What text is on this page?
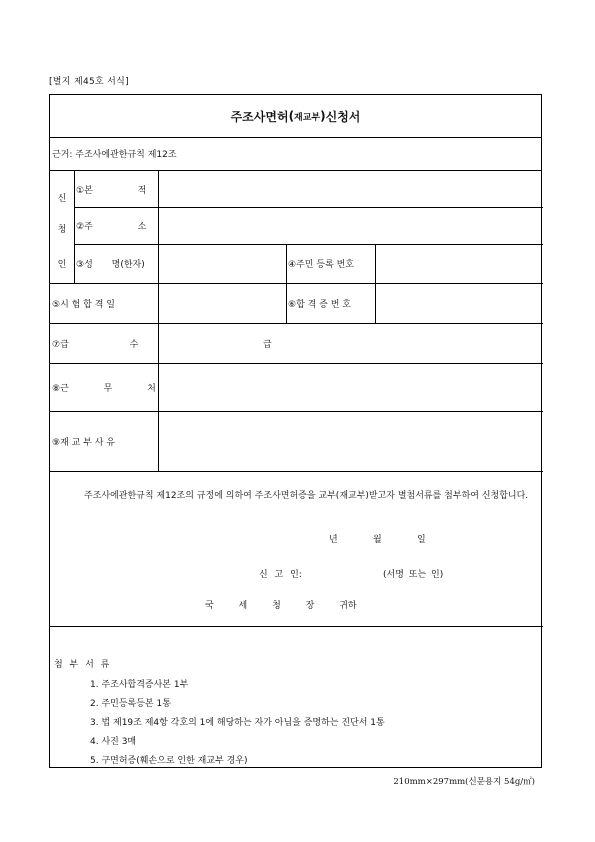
[별지 제45호 서식]
주조사면허 ( 재교부 ) 신청서
근거: 주조사에관한규칙 제12조
신
청
인
①본 적
②주 소
③성 명(한자)	④주민 등록 번호
⑤시 험 합 격 일	⑥합 격 증 번 호
⑦급 수	급
⑧근 무 처
⑨재 교 부 사 유
주조사에관한규칙 제12조의 규정에 의하여 주조사면허증을 교부(재교부)받고자 별첨서류를 첨부하여 신청합니다.
년	월	일
신 고 인:	(서명 또는 인)
국 세 청 장 귀하
첨 부 서 류
1. 주조사합격증사본 1부
2. 주민등록등본 1통
3. 법 제19조 제4항 각호의 1에 해당하는 자가 아님을 증명하는 진단서 1통
4. 사진 3매
5. 구면허증(훼손으로 인한 재교부 경우)
210mm×297mm(신문용지 54g/㎡)
